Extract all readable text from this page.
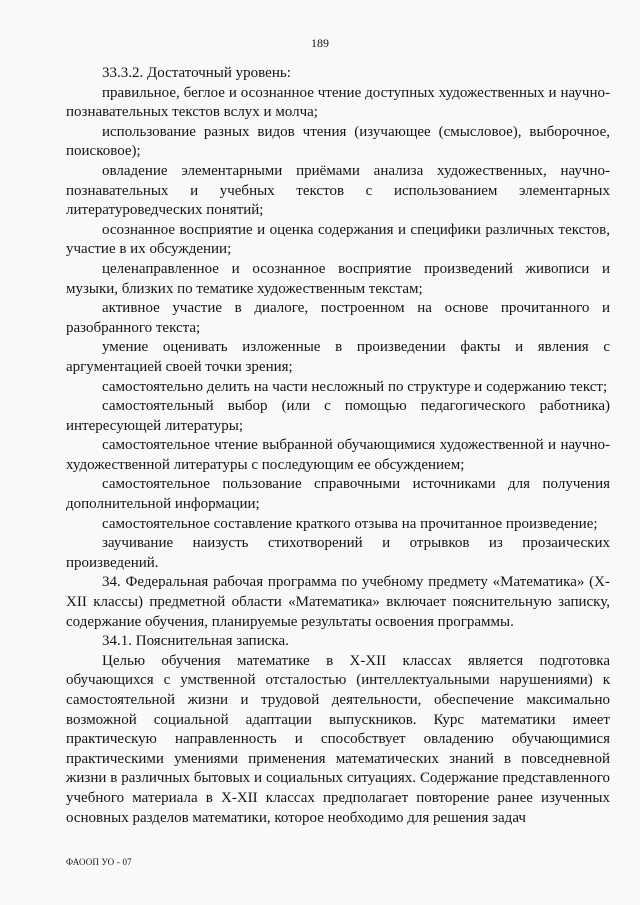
189

33.3.2. Достаточный уровень:

правильное, беглое и осознанное чтение доступных художественных и научно-познавательных текстов вслух и молча;

использование разных видов чтения (изучающее (смысловое), выборочное, поисковое);

овладение элементарными приёмами анализа художественных, научно-познавательных и учебных текстов с использованием элементарных литературоведческих понятий;

осознанное восприятие и оценка содержания и специфики различных текстов, участие в их обсуждении;

целенаправленное и осознанное восприятие произведений живописи и музыки, близких по тематике художественным текстам;

активное участие в диалоге, построенном на основе прочитанного и разобранного текста;

умение оценивать изложенные в произведении факты и явления с аргументацией своей точки зрения;

самостоятельно делить на части несложный по структуре и содержанию текст;

самостоятельный выбор (или с помощью педагогического работника) интересующей литературы;

самостоятельное чтение выбранной обучающимися художественной и научно-художественной литературы с последующим ее обсуждением;

самостоятельное пользование справочными источниками для получения дополнительной информации;

самостоятельное составление краткого отзыва на прочитанное произведение;

заучивание наизусть стихотворений и отрывков из прозаических произведений.

34. Федеральная рабочая программа по учебному предмету «Математика» (X-XII классы) предметной области «Математика» включает пояснительную записку, содержание обучения, планируемые результаты освоения программы.

34.1. Пояснительная записка.

Целью обучения математике в X-XII классах является подготовка обучающихся с умственной отсталостью (интеллектуальными нарушениями) к самостоятельной жизни и трудовой деятельности, обеспечение максимально возможной социальной адаптации выпускников. Курс математики имеет практическую направленность и способствует овладению обучающимися практическими умениями применения математических знаний в повседневной жизни в различных бытовых и социальных ситуациях. Содержание представленного учебного материала в X-XII классах предполагает повторение ранее изученных основных разделов математики, которое необходимо для решения задач

ФАООП УО - 07
